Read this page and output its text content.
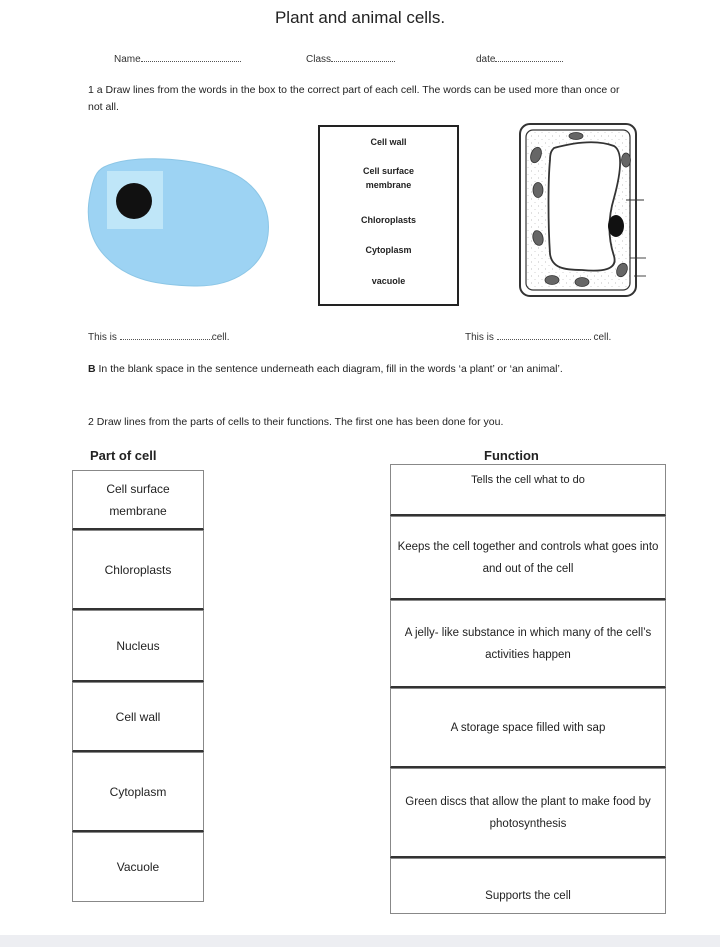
Plant and animal cells.
Name	Class	date
1 a Draw lines from the words in the box to the correct part of each cell. The words can be used more than once or not all.
Cell wall
Cell surface membrane
Chloroplasts
Cytoplasm
vacuole
This is	cell.	This is	cell.
B In the blank space in the sentence underneath each diagram, fill in the words ‘a plant’ or ‘an animal’.
2 Draw lines from the parts of cells to their functions. The first one has been done for you.
Part of cell	Function
Cell surface membrane
Chloroplasts
Nucleus
Cell wall
Cytoplasm
Vacuole
Tells the cell what to do
Keeps the cell together and controls what goes into and out of the cell
A jelly- like substance in which many of the cell’s activities happen
A storage space filled with sap
Green discs that allow the plant to make food by photosynthesis
Supports the cell
